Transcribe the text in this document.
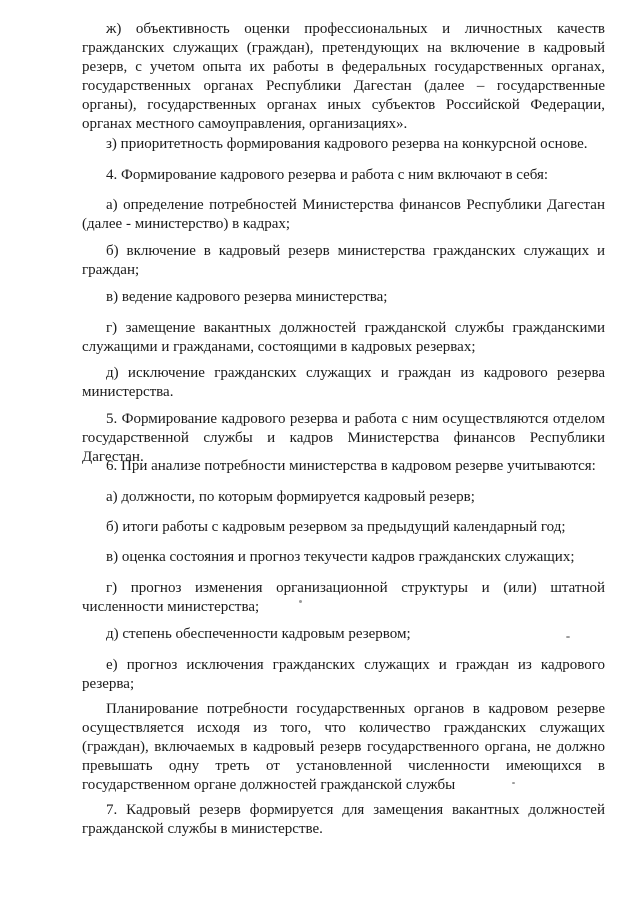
ж) объективность оценки профессиональных и личностных качеств гражданских служащих (граждан), претендующих на включение в кадровый резерв, с учетом опыта их работы в федеральных государственных органах, государственных органах Республики Дагестан (далее – государственные органы), государственных органах иных субъектов Российской Федерации, органах местного самоуправления, организациях».

з) приоритетность формирования кадрового резерва на конкурсной основе.

4. Формирование кадрового резерва и работа с ним включают в себя:

а) определение потребностей Министерства финансов Республики Дагестан (далее - министерство) в кадрах;

б) включение в кадровый резерв министерства гражданских служащих и граждан;

в) ведение кадрового резерва министерства;

г) замещение вакантных должностей гражданской службы гражданскими служащими и гражданами, состоящими в кадровых резервах;

д) исключение гражданских служащих и граждан из кадрового резерва министерства.

5. Формирование кадрового резерва и работа с ним осуществляются отделом государственной службы и кадров Министерства финансов Республики Дагестан.

6. При анализе потребности министерства в кадровом резерве учитываются:

а) должности, по которым формируется кадровый резерв;

б) итоги работы с кадровым резервом за предыдущий календарный год;

в) оценка состояния и прогноз текучести кадров гражданских служащих;

г) прогноз изменения организационной структуры и (или) штатной численности министерства;

д) степень обеспеченности кадровым резервом;

е) прогноз исключения гражданских служащих и граждан из кадрового резерва;

Планирование потребности государственных органов в кадровом резерве осуществляется исходя из того, что количество гражданских служащих (граждан), включаемых в кадровый резерв государственного органа, не должно превышать одну треть от установленной численности имеющихся в государственном органе должностей гражданской службы

7. Кадровый резерв формируется для замещения вакантных должностей гражданской службы в министерстве.
